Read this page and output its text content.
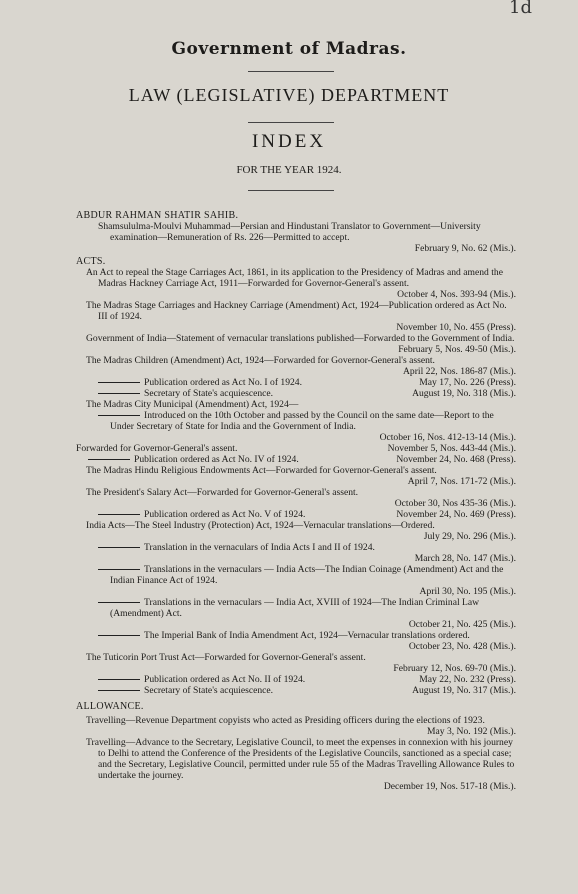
1d
Government of Madras.
LAW (LEGISLATIVE) DEPARTMENT
INDEX
FOR THE YEAR 1924.
ABDUR RAHMAN SHATIR SAHIB.
Shamsululma-Moulvi Muhammad—Persian and Hindustani Translator to Government—University examination—Remuneration of Rs. 226—Permitted to accept.
February 9, No. 62 (Mis.).
ACTS.
An Act to repeal the Stage Carriages Act, 1861, in its application to the Presidency of Madras and amend the Madras Hackney Carriage Act, 1911—Forwarded for Governor-General's assent.
October 4, Nos. 393-94 (Mis.).
The Madras Stage Carriages and Hackney Carriage (Amendment) Act, 1924—Publication ordered as Act No. III of 1924.
November 10, No. 455 (Press).
Government of India—Statement of vernacular translations published—Forwarded to the Government of India.
February 5, Nos. 49-50 (Mis.).
The Madras Children (Amendment) Act, 1924—Forwarded for Governor-General's assent.
April 22, Nos. 186-87 (Mis.).
Publication ordered as Act No. I of 1924.	May 17, No. 226 (Press).
Secretary of State's acquiescence.	August 19, No. 318 (Mis.).
The Madras City Municipal (Amendment) Act, 1924—
Introduced on the 10th October and passed by the Council on the same date—Report to the Under Secretary of State for India and the Government of India.
October 16, Nos. 412-13-14 (Mis.).
Forwarded for Governor-General's assent.	November 5, Nos. 443-44 (Mis.).
Publication ordered as Act No. IV of 1924.	November 24, No. 468 (Press).
The Madras Hindu Religious Endowments Act—Forwarded for Governor-General's assent.
April 7, Nos. 171-72 (Mis.).
The President's Salary Act—Forwarded for Governor-General's assent.
October 30, Nos 435-36 (Mis.).
Publication ordered as Act No. V of 1924.	November 24, No. 469 (Press).
India Acts—The Steel Industry (Protection) Act, 1924—Vernacular translations—Ordered.
July 29, No. 296 (Mis.).
Translation in the vernaculars of India Acts I and II of 1924.
March 28, No. 147 (Mis.).
Translations in the vernaculars — India Acts—The Indian Coinage (Amendment) Act and the Indian Finance Act of 1924.
April 30, No. 195 (Mis.).
Translations in the vernaculars — India Act, XVIII of 1924—The Indian Criminal Law (Amendment) Act.
October 21, No. 425 (Mis.).
The Imperial Bank of India Amendment Act, 1924—Vernacular translations ordered.
October 23, No. 428 (Mis.).
The Tuticorin Port Trust Act—Forwarded for Governor-General's assent.
February 12, Nos. 69-70 (Mis.).
Publication ordered as Act No. II of 1924.	May 22, No. 232 (Press).
Secretary of State's acquiescence.	August 19, No. 317 (Mis.).
ALLOWANCE.
Travelling—Revenue Department copyists who acted as Presiding officers during the elections of 1923.
May 3, No. 192 (Mis.).
Travelling—Advance to the Secretary, Legislative Council, to meet the expenses in connexion with his journey to Delhi to attend the Conference of the Presidents of the Legislative Councils, sanctioned as a special case; and the Secretary, Legislative Council, permitted under rule 55 of the Madras Travelling Allowance Rules to undertake the journey.
December 19, Nos. 517-18 (Mis.).
